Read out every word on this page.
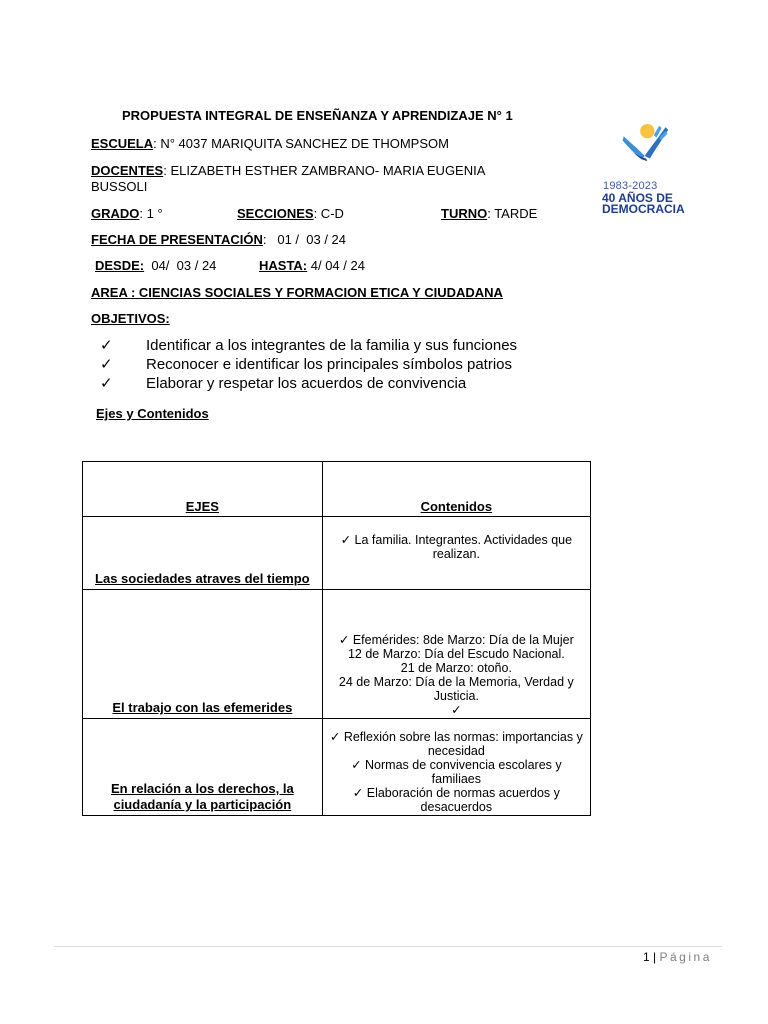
PROPUESTA INTEGRAL DE ENSEÑANZA Y APRENDIZAJE N° 1
ESCUELA: N° 4037 MARIQUITA SANCHEZ DE THOMPSOM
DOCENTES: ELIZABETH ESTHER ZAMBRANO- MARIA EUGENIA
BUSSOLI
GRADO: 1 °	SECCIONES: C-D	TURNO: TARDE
FECHA DE PRESENTACIÓN:   01 /  03 / 24
DESDE:  04/  03 / 24	HASTA: 4/ 04 / 24
AREA : CIENCIAS SOCIALES Y FORMACION ETICA Y CIUDADANA
OBJETIVOS:
✓ Identificar a los integrantes de la familia y sus funciones
✓ Reconocer e identificar los principales símbolos patrios
✓ Elaborar y respetar los acuerdos de convivencia
Ejes y Contenidos
1983-2023
40 AÑOS DE
DEMOCRACIA
EJES	Contenidos

Las sociedades atraves del tiempo	✓ La familia. Integrantes. Actividades que realizan.

El trabajo con las efemerides	✓ Efemérides: 8de Marzo: Día de la Mujer
12 de Marzo: Día del Escudo Nacional.
21 de Marzo: otoño.
24 de Marzo: Día de la Memoria, Verdad y Justicia.
✓

En relación a los derechos, la ciudadanía y la participación	✓ Reflexión sobre las normas: importancias y necesidad
✓ Normas de convivencia escolares y familiaes
✓ Elaboración de normas acuerdos y desacuerdos
1 | Página
